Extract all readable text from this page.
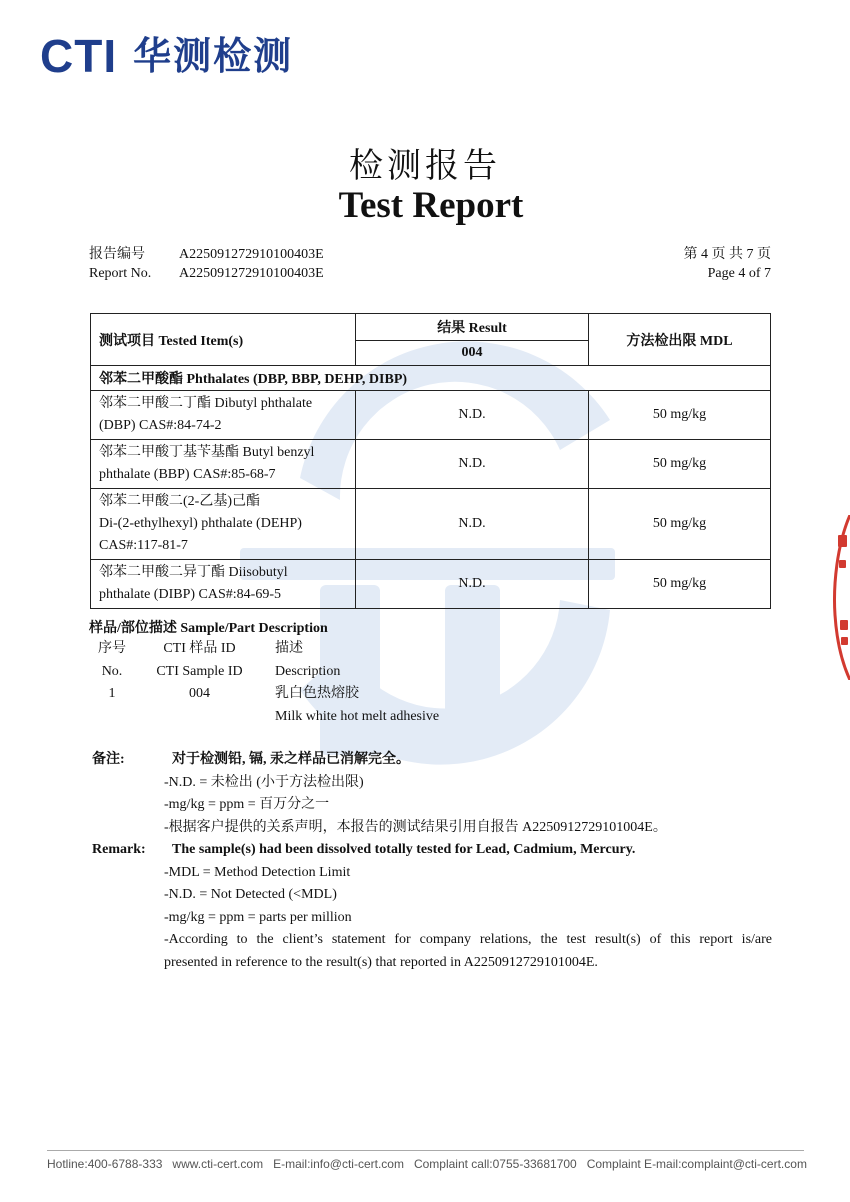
CTI 华测检测
检测报告
Test Report
报告编号 A225091272910100403E
Report No. A225091272910100403E
第 4 页 共 7 页
Page 4 of 7
测试项目 Tested Item(s)	结果 Result	方法检出限 MDL
	004	
邻苯二甲酸酯 Phthalates (DBP, BBP, DEHP, DIBP)		

邻苯二甲酸二丁酯 Dibutyl phthalate
(DBP) CAS#:84-74-2	N.D.	50 mg/kg

邻苯二甲酸丁基苄基酯 Butyl benzyl
phthalate (BBP) CAS#:85-68-7	N.D.	50 mg/kg

邻苯二甲酸二(2-乙基)己酯
Di-(2-ethylhexyl) phthalate (DEHP)
CAS#:117-81-7	N.D.	50 mg/kg

邻苯二甲酸二异丁酯 Diisobutyl
phthalate (DIBP) CAS#:84-69-5	N.D.	50 mg/kg
样品/部位描述 Sample/Part Description
序号	CTI 样品 ID	描述
No.	CTI Sample ID	Description
1	004	乳白色热熔胶
Milk white hot melt adhesive
备注:	对于检测铅, 镉, 汞之样品已消解完全。
-N.D. = 未检出 (小于方法检出限)
-mg/kg = ppm = 百万分之一
-根据客户提供的关系声明，本报告的测试结果引用自报告 A2250912729101004E。
Remark:	The sample(s) had been dissolved totally tested for Lead, Cadmium, Mercury.
-MDL = Method Detection Limit
-N.D. = Not Detected (<MDL)
-mg/kg = ppm = parts per million
-According to the client’s statement for company relations, the test result(s) of this report is/are
presented in reference to the result(s) that reported in A2250912729101004E.
Hotline:400-6788-333 www.cti-cert.com E-mail:info@cti-cert.com Complaint call:0755-33681700 Complaint E-mail:complaint@cti-cert.com
